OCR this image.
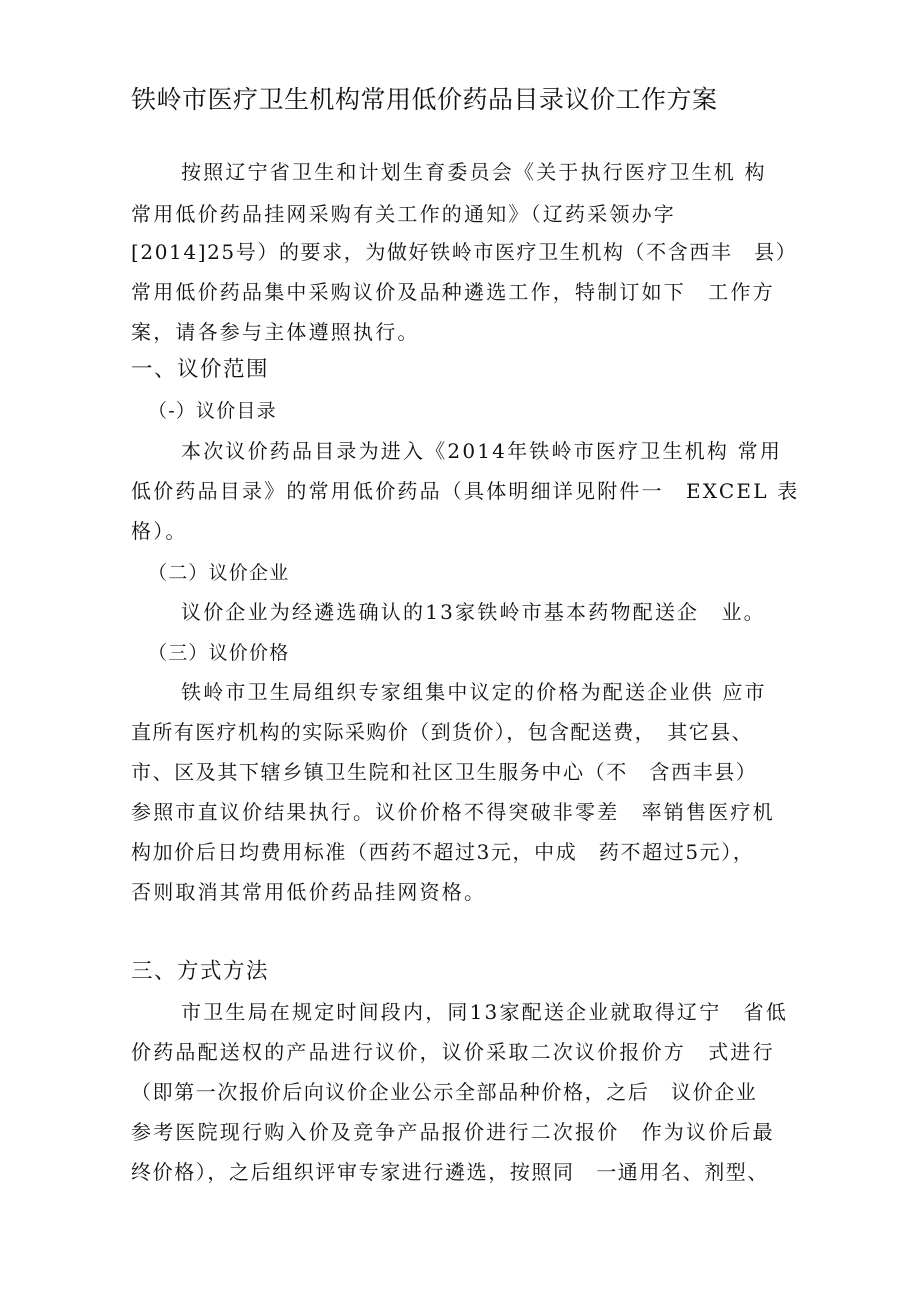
铁岭市医疗卫生机构常用低价药品目录议价工作方案
按照辽宁省卫生和计划生育委员会《关于执行医疗卫生机 构
常用低价药品挂网采购有关工作的通知》（辽药采领办字
[2014]25号）的要求，为做好铁岭市医疗卫生机构（不含西丰　县）
常用低价药品集中采购议价及品种遴选工作，特制订如下　工作方
案，请各参与主体遵照执行。
一、议价范围
（-）议价目录
本次议价药品目录为进入《2014年铁岭市医疗卫生机构 常用
低价药品目录》的常用低价药品（具体明细详见附件一　EXCEL 表
格）。
（二）议价企业
议价企业为经遴选确认的13家铁岭市基本药物配送企　业。
（三）议价价格
铁岭市卫生局组织专家组集中议定的价格为配送企业供 应市
直所有医疗机构的实际采购价（到货价），包含配送费，　其它县、
市、区及其下辖乡镇卫生院和社区卫生服务中心（不　含西丰县）
参照市直议价结果执行。议价价格不得突破非零差　率销售医疗机
构加价后日均费用标准（西药不超过3元，中成　药不超过5元），
否则取消其常用低价药品挂网资格。
三、方式方法
市卫生局在规定时间段内，同13家配送企业就取得辽宁　省低
价药品配送权的产品进行议价，议价采取二次议价报价方　式进行
（即第一次报价后向议价企业公示全部品种价格，之后　议价企业
参考医院现行购入价及竞争产品报价进行二次报价　作为议价后最
终价格），之后组织评审专家进行遴选，按照同　一通用名、剂型、
